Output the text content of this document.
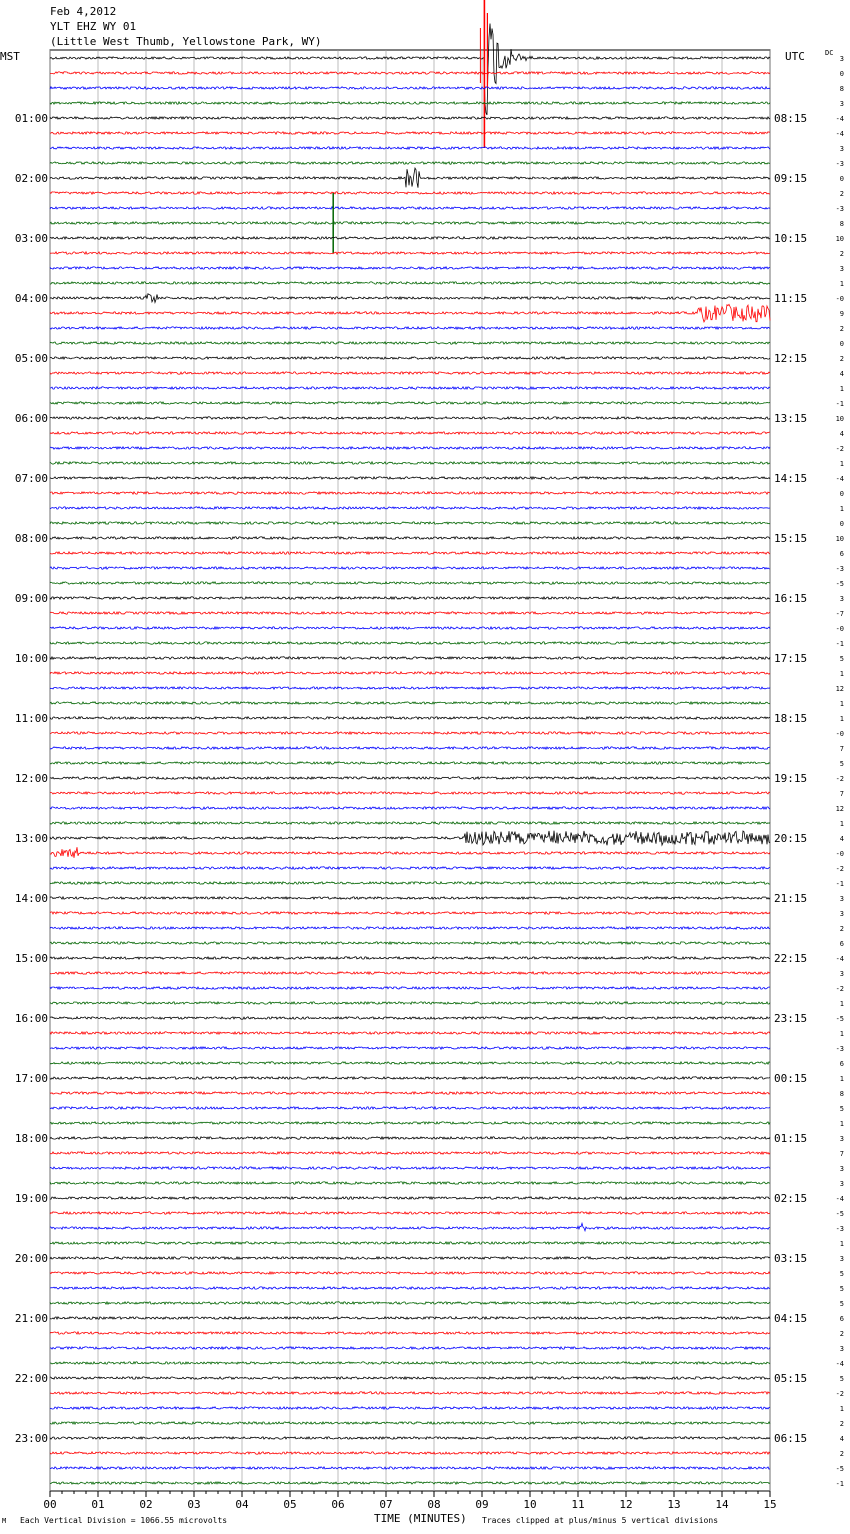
Feb 4,2012
YLT EHZ WY 01
(Little West Thumb, Yellowstone Park, WY)
MST	UTC	DC
00	01	02	03	04	05	06	07	08	09	10	11	12	13	14	15
3
0
8
3
-4
-4
3
-3
0
2
-3
8
10
2
3
1
-0
9
2
0
2
4
1
-1
10
4
-2
1
-4
0
1
0
10
6
-3
-5
3
-7
-0
-1
5
1
12
1
1
-0
7
5
-2
7
12
1
4
-0
-2
-1
3
3
2
6
-4
3
-2
1
-5
1
-3
6
1
8
5
1
3
7
3
3
-4
-5
-3
1
3
5
5
5
6
2
3
-4
5
-2
1
2
4
2
-5
-1
01:00	08:15
02:00	09:15
03:00	10:15
04:00	11:15
05:00	12:15
06:00	13:15
07:00	14:15
08:00	15:15
09:00	16:15
10:00	17:15
11:00	18:15
12:00	19:15
13:00	20:15
14:00	21:15
15:00	22:15
16:00	23:15
17:00	00:15
18:00	01:15
19:00	02:15
20:00	03:15
21:00	04:15
22:00	05:15
23:00	06:15
TIME (MINUTES)
M Each Vertical Division = 1066.55 microvolts	Traces clipped at plus/minus 5 vertical divisions
